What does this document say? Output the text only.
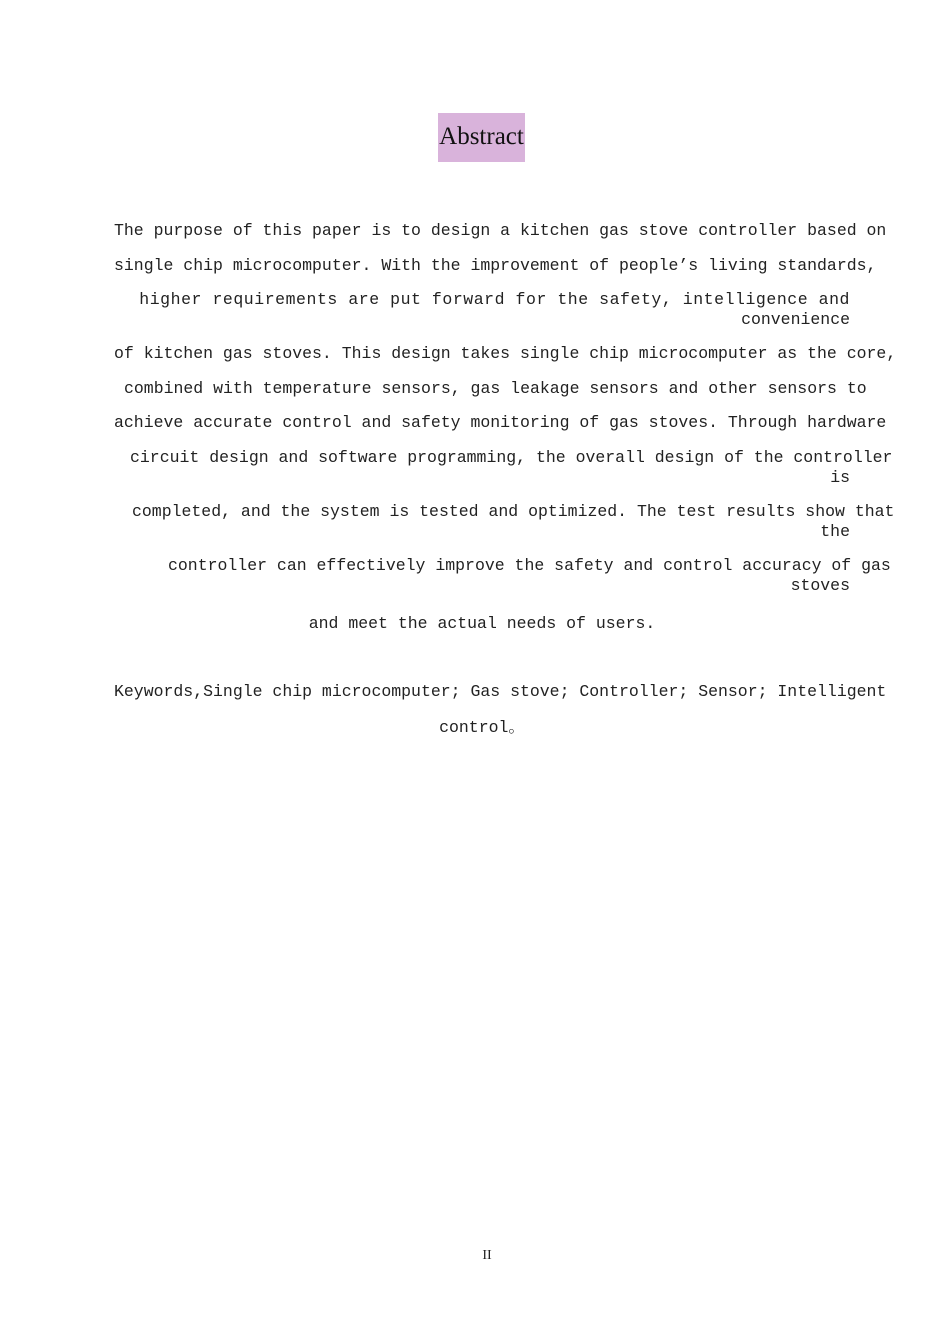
Abstract
The purpose of this paper is to design a kitchen gas stove controller based on
single chip microcomputer. With the improvement of people’s living standards,
higher requirements are put forward for the safety, intelligence and
convenience
of kitchen gas stoves. This design takes single chip microcomputer as the core,
combined with temperature sensors, gas leakage sensors and other sensors to
achieve accurate control and safety monitoring of gas stoves. Through hardware
circuit design and software programming, the overall design of the controller
is
completed, and the system is tested and optimized. The test results show that
the
controller can effectively improve the safety and control accuracy of gas
stoves
and meet the actual needs of users.
Keywords,Single chip microcomputer; Gas stove; Controller; Sensor; Intelligent
control。
II
